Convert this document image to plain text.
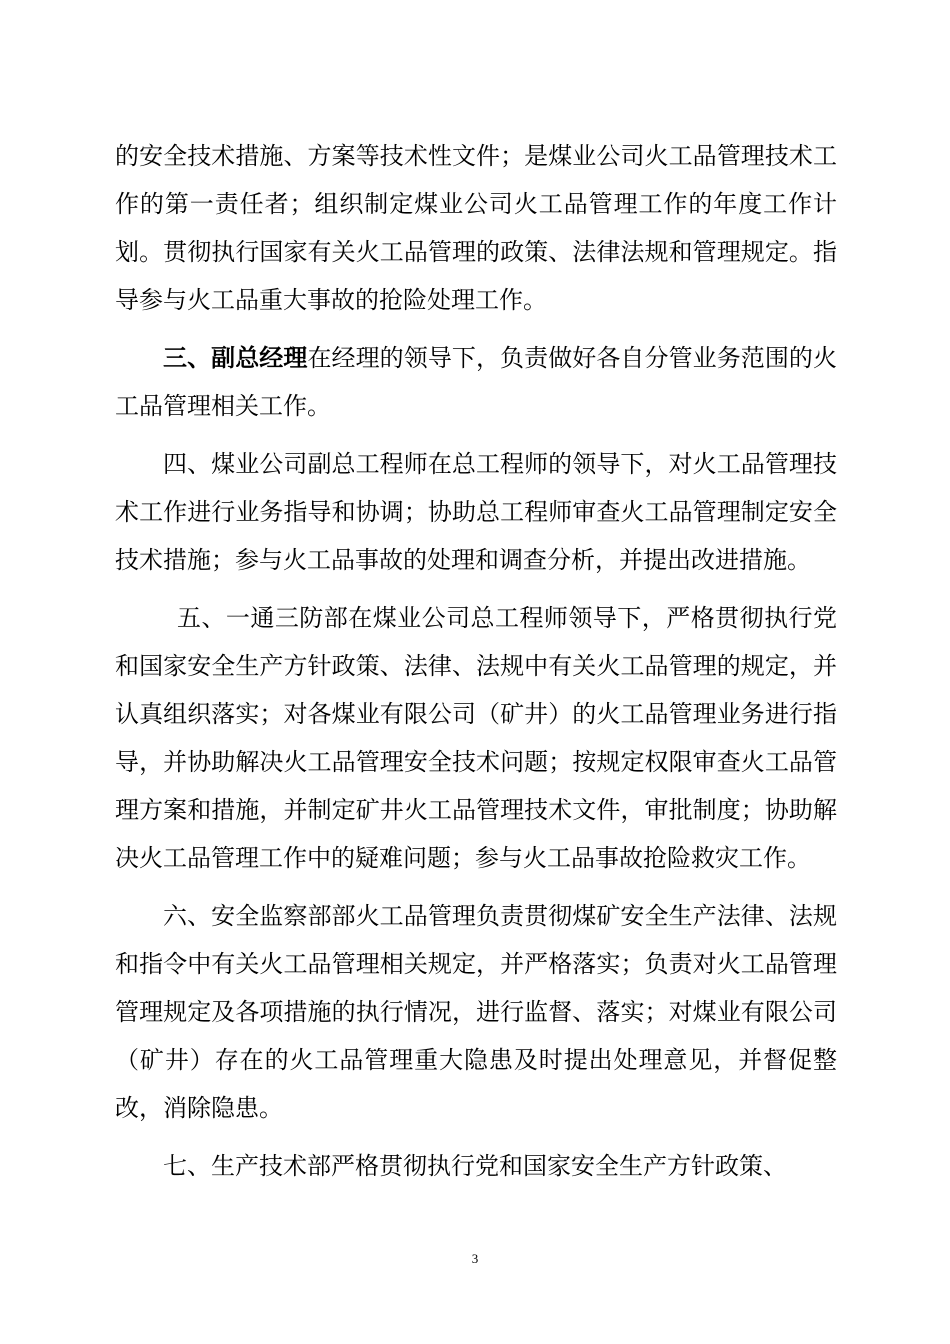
的安全技术措施、方案等技术性文件；是煤业公司火工品管理技术工作的第一责任者；组织制定煤业公司火工品管理工作的年度工作计划。贯彻执行国家有关火工品管理的政策、法律法规和管理规定。指导参与火工品重大事故的抢险处理工作。

三、副总经理在经理的领导下，负责做好各自分管业务范围的火工品管理相关工作。

四、煤业公司副总工程师在总工程师的领导下，对火工品管理技术工作进行业务指导和协调；协助总工程师审查火工品管理制定安全技术措施；参与火工品事故的处理和调查分析，并提出改进措施。

五、一通三防部在煤业公司总工程师领导下，严格贯彻执行党和国家安全生产方针政策、法律、法规中有关火工品管理的规定，并认真组织落实；对各煤业有限公司（矿井）的火工品管理业务进行指导，并协助解决火工品管理安全技术问题；按规定权限审查火工品管理方案和措施，并制定矿井火工品管理技术文件，审批制度；协助解决火工品管理工作中的疑难问题；参与火工品事故抢险救灾工作。

六、安全监察部部火工品管理负责贯彻煤矿安全生产法律、法规和指令中有关火工品管理相关规定，并严格落实；负责对火工品管理管理规定及各项措施的执行情况，进行监督、落实；对煤业有限公司（矿井）存在的火工品管理重大隐患及时提出处理意见，并督促整改，消除隐患。

七、生产技术部严格贯彻执行党和国家安全生产方针政策、

3
